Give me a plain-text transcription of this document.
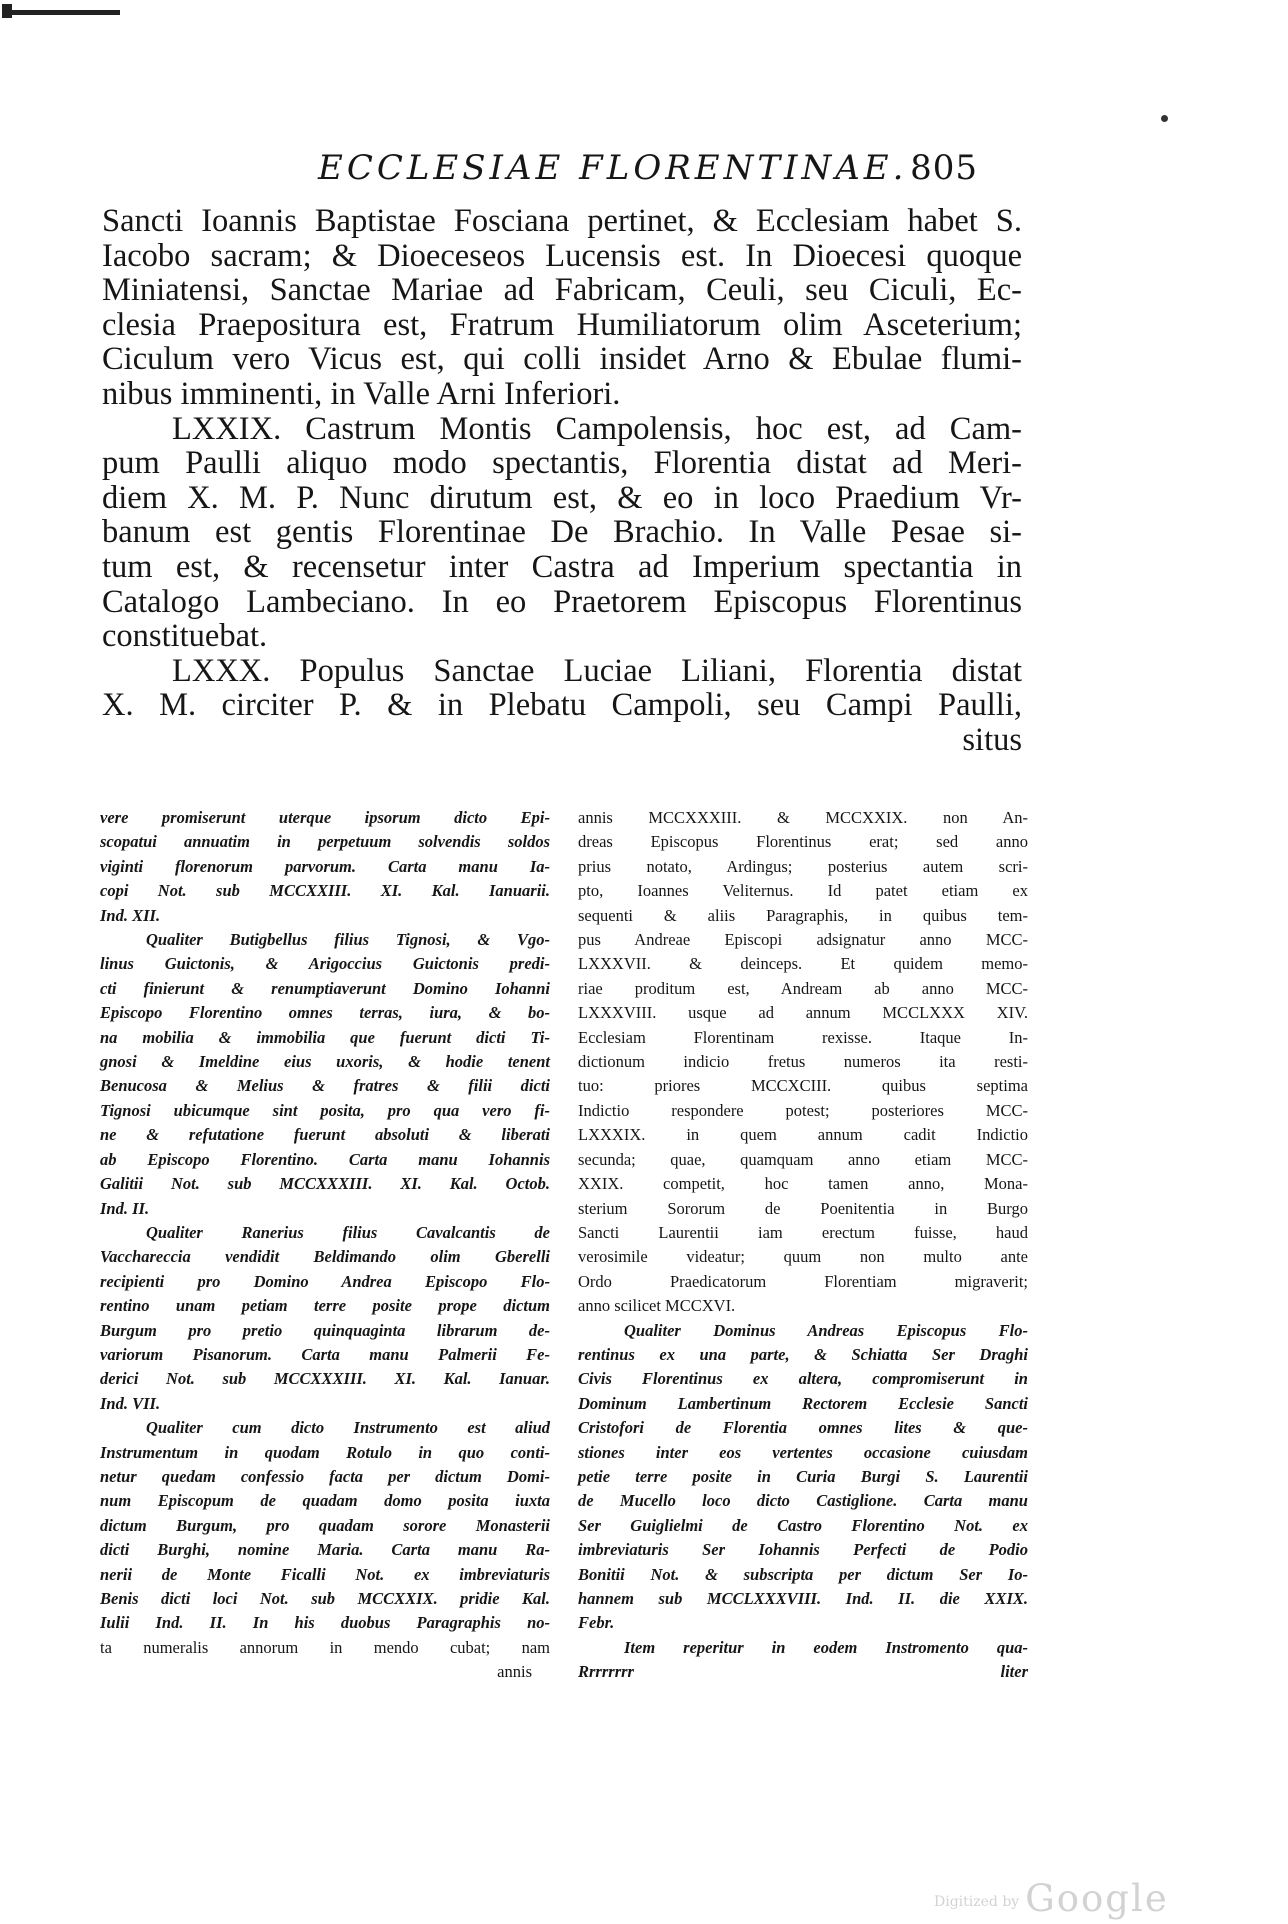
ECCLESIAE FLORENTINAE. 805
Sancti Ioannis Baptistae Fosciana pertinet, & Ecclesiam habet S.
Iacobo sacram; & Dioeceseos Lucensis est. In Dioecesi quoque
Miniatensi, Sanctae Mariae ad Fabricam, Ceuli, seu Ciculi, Ec-
clesia Praepositura est, Fratrum Humiliatorum olim Asceterium;
Ciculum vero Vicus est, qui colli insidet Arno & Ebulae flumi-
nibus imminenti, in Valle Arni Inferiori.
LXXIX. Castrum Montis Campolensis, hoc est, ad Cam-
pum Paulli aliquo modo spectantis, Florentia distat ad Meri-
diem X. M. P. Nunc dirutum est, & eo in loco Praedium Vr-
banum est gentis Florentinae De Brachio. In Valle Pesae si-
tum est, & recensetur inter Castra ad Imperium spectantia in
Catalogo Lambeciano. In eo Praetorem Episcopus Florentinus
constituebat.
LXXX. Populus Sanctae Luciae Liliani, Florentia distat
X. M. circiter P. & in Plebatu Campoli, seu Campi Paulli,
situs
vere promiserunt uterque ipsorum dicto Epi-
scopatui annuatim in perpetuum solvendis soldos
viginti florenorum parvorum. Carta manu Ia-
copi Not. sub MCCXXIII. XI. Kal. Ianuarii.
Ind. XII.
Qualiter Butigbellus filius Tignosi, & Vgo-
linus Guictonis, & Arigoccius Guictonis predi-
cti finierunt & renumptiaverunt Domino Iohanni
Episcopo Florentino omnes terras, iura, & bo-
na mobilia & immobilia que fuerunt dicti Ti-
gnosi & Imeldine eius uxoris, & hodie tenent
Benucosa & Melius & fratres & filii dicti
Tignosi ubicumque sint posita, pro qua vero fi-
ne & refutatione fuerunt absoluti & liberati
ab Episcopo Florentino. Carta manu Iohannis
Galitii Not. sub MCCXXXIII. XI. Kal. Octob.
Ind. II.
Qualiter Ranerius filius Cavalcantis de
Vacchareccia vendidit Beldimando olim Gberelli
recipienti pro Domino Andrea Episcopo Flo-
rentino unam petiam terre posite prope dictum
Burgum pro pretio quinquaginta librarum de-
variorum Pisanorum. Carta manu Palmerii Fe-
derici Not. sub MCCXXXIII. XI. Kal. Ianuar.
Ind. VII.
Qualiter cum dicto Instrumento est aliud
Instrumentum in quodam Rotulo in quo conti-
netur quedam confessio facta per dictum Domi-
num Episcopum de quadam domo posita iuxta
dictum Burgum, pro quadam sorore Monasterii
dicti Burghi, nomine Maria. Carta manu Ra-
nerii de Monte Ficalli Not. ex imbreviaturis
Benis dicti loci Not. sub MCCXXIX. pridie Kal.
Iulii Ind. II. In his duobus Paragraphis no-
ta numeralis annorum in mendo cubat; nam
annis
annis MCCXXXIII. & MCCXXIX. non An-
dreas Episcopus Florentinus erat; sed anno
prius notato, Ardingus; posterius autem scri-
pto, Ioannes Veliternus. Id patet etiam ex
sequenti & aliis Paragraphis, in quibus tem-
pus Andreae Episcopi adsignatur anno MCC-
LXXXVII. & deinceps. Et quidem memo-
riae proditum est, Andream ab anno MCC-
LXXXVIII. usque ad annum MCCLXXX XIV.
Ecclesiam Florentinam rexisse. Itaque In-
dictionum indicio fretus numeros ita resti-
tuo: priores MCCXCIII. quibus septima
Indictio respondere potest; posteriores MCC-
LXXXIX. in quem annum cadit Indictio
secunda; quae, quamquam anno etiam MCC-
XXIX. competit, hoc tamen anno, Mona-
sterium Sororum de Poenitentia in Burgo
Sancti Laurentii iam erectum fuisse, haud
verosimile videatur; quum non multo ante
Ordo Praedicatorum Florentiam migraverit;
anno scilicet MCCXVI.
Qualiter Dominus Andreas Episcopus Flo-
rentinus ex una parte, & Schiatta Ser Draghi
Civis Florentinus ex altera, compromiserunt in
Dominum Lambertinum Rectorem Ecclesie Sancti
Cristofori de Florentia omnes lites & que-
stiones inter eos vertentes occasione cuiusdam
petie terre posite in Curia Burgi S. Laurentii
de Mucello loco dicto Castiglione. Carta manu
Ser Guiglielmi de Castro Florentino Not. ex
imbreviaturis Ser Iohannis Perfecti de Podio
Bonitii Not. & subscripta per dictum Ser Io-
hannem sub MCCLXXXVIII. Ind. II. die XXIX.
Febr.
Item reperitur in eodem Instromento qua-
Rrrrrrrr liter
Digitized by Google
